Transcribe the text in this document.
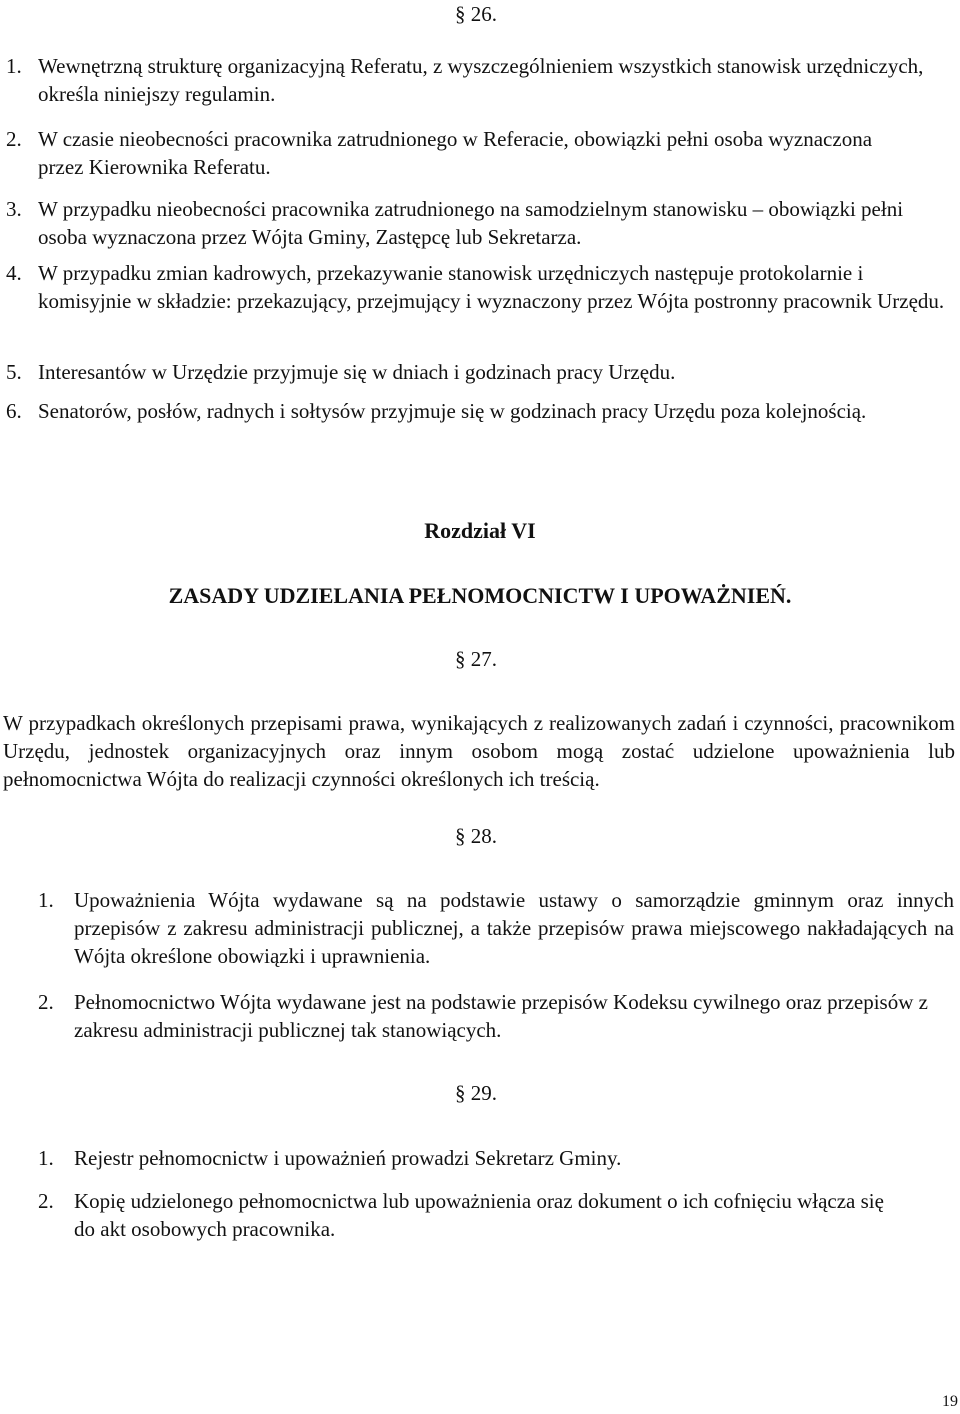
§ 26.
1. Wewnętrzną strukturę organizacyjną Referatu, z wyszczególnieniem wszystkich stanowisk urzędniczych, określa niniejszy regulamin.
2. W czasie nieobecności pracownika zatrudnionego w Referacie, obowiązki pełni osoba wyznaczona przez Kierownika Referatu.
3. W przypadku nieobecności pracownika zatrudnionego na samodzielnym stanowisku – obowiązki pełni osoba wyznaczona przez Wójta Gminy, Zastępcę lub Sekretarza.
4. W przypadku zmian kadrowych, przekazywanie stanowisk urzędniczych następuje protokolarnie i komisyjnie w składzie: przekazujący, przejmujący i wyznaczony przez Wójta postronny pracownik Urzędu.
5. Interesantów w Urzędzie przyjmuje się w dniach i godzinach pracy Urzędu.
6. Senatorów, posłów, radnych i sołtysów przyjmuje się w godzinach pracy Urzędu poza kolejnością.
Rozdział VI
ZASADY UDZIELANIA PEŁNOMOCNICTW I UPOWAŻNIEŃ.
§ 27.

W przypadkach określonych przepisami prawa, wynikających z realizowanych zadań i czynności, pracownikom Urzędu, jednostek organizacyjnych oraz innym osobom mogą zostać udzielone upoważnienia lub pełnomocnictwa Wójta do realizacji czynności określonych ich treścią.

§ 28.
1. Upoważnienia Wójta wydawane są na podstawie ustawy o samorządzie gminnym oraz innych przepisów z zakresu administracji publicznej, a także przepisów prawa miejscowego nakładających na Wójta określone obowiązki i uprawnienia.
2. Pełnomocnictwo Wójta wydawane jest na podstawie przepisów Kodeksu cywilnego oraz przepisów z zakresu administracji publicznej tak stanowiących.
§ 29.
1. Rejestr pełnomocnictw i upoważnień prowadzi Sekretarz Gminy.
2. Kopię udzielonego pełnomocnictwa lub upoważnienia oraz dokument o ich cofnięciu włącza się do akt osobowych pracownika.
19
